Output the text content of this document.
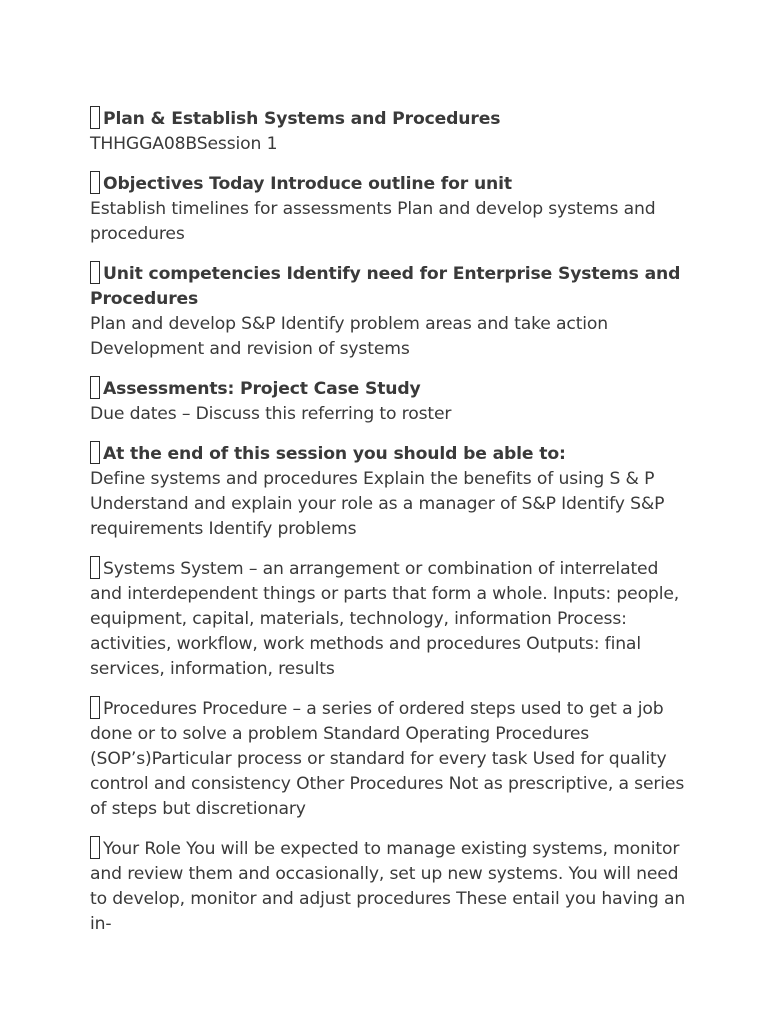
Plan & Establish Systems and Procedures
THHGGA08BSession 1
Objectives Today Introduce outline for unit
Establish timelines for assessments Plan and develop systems and procedures
Unit competencies Identify need for Enterprise Systems and Procedures
Plan and develop S&P Identify problem areas and take action Development and revision of systems
Assessments: Project Case Study
Due dates – Discuss this referring to roster
At the end of this session you should be able to:
Define systems and procedures Explain the benefits of using S & P Understand and explain your role as a manager of S&P Identify S&P requirements Identify problems
Systems System – an arrangement or combination of interrelated and interdependent things or parts that form a whole. Inputs: people, equipment, capital, materials, technology, information Process: activities, workflow, work methods and procedures Outputs: final services, information, results
Procedures Procedure – a series of ordered steps used to get a job done or to solve a problem Standard Operating Procedures (SOP’s)Particular process or standard for every task Used for quality control and consistency Other Procedures Not as prescriptive, a series of steps but discretionary
Your Role You will be expected to manage existing systems, monitor and review them and occasionally, set up new systems. You will need to develop, monitor and adjust procedures These entail you having an in-
